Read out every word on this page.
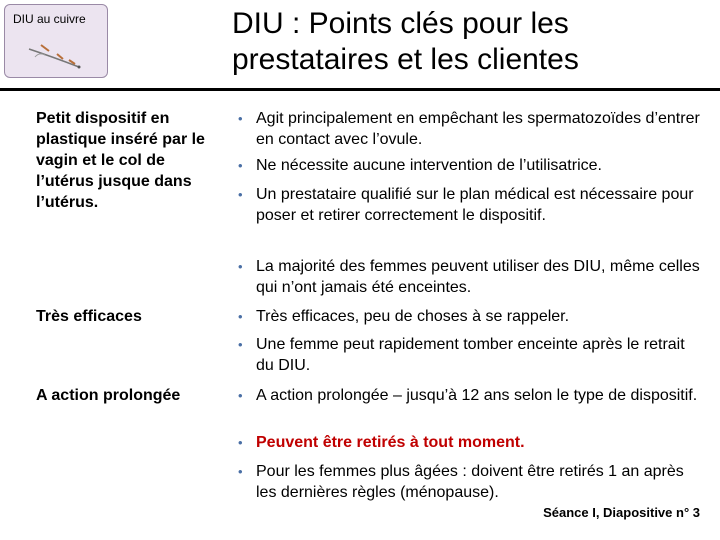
DIU au cuivre	DIU : Points clés pour les prestataires et les clientes
Petit dispositif en plastique inséré par le vagin et le col de l’utérus jusque dans l’utérus.
• Agit principalement en empêchant les spermatozoïdes d’entrer en contact avec l’ovule.
• Ne nécessite aucune intervention de l’utilisatrice.
• Un prestataire qualifié sur le plan médical est nécessaire pour poser et retirer correctement le dispositif.
• La majorité des femmes peuvent utiliser des DIU, même celles qui n’ont jamais été enceintes.
Très efficaces	• Très efficaces, peu de choses à se rappeler.
• Une femme peut rapidement tomber enceinte après le retrait du DIU.
A action prolongée	• A action prolongée – jusqu’à 12 ans selon le type de dispositif.
• Peuvent être retirés à tout moment.
• Pour les femmes plus âgées : doivent être retirés 1 an après les dernières règles (ménopause).
Séance I, Diapositive n° 3
